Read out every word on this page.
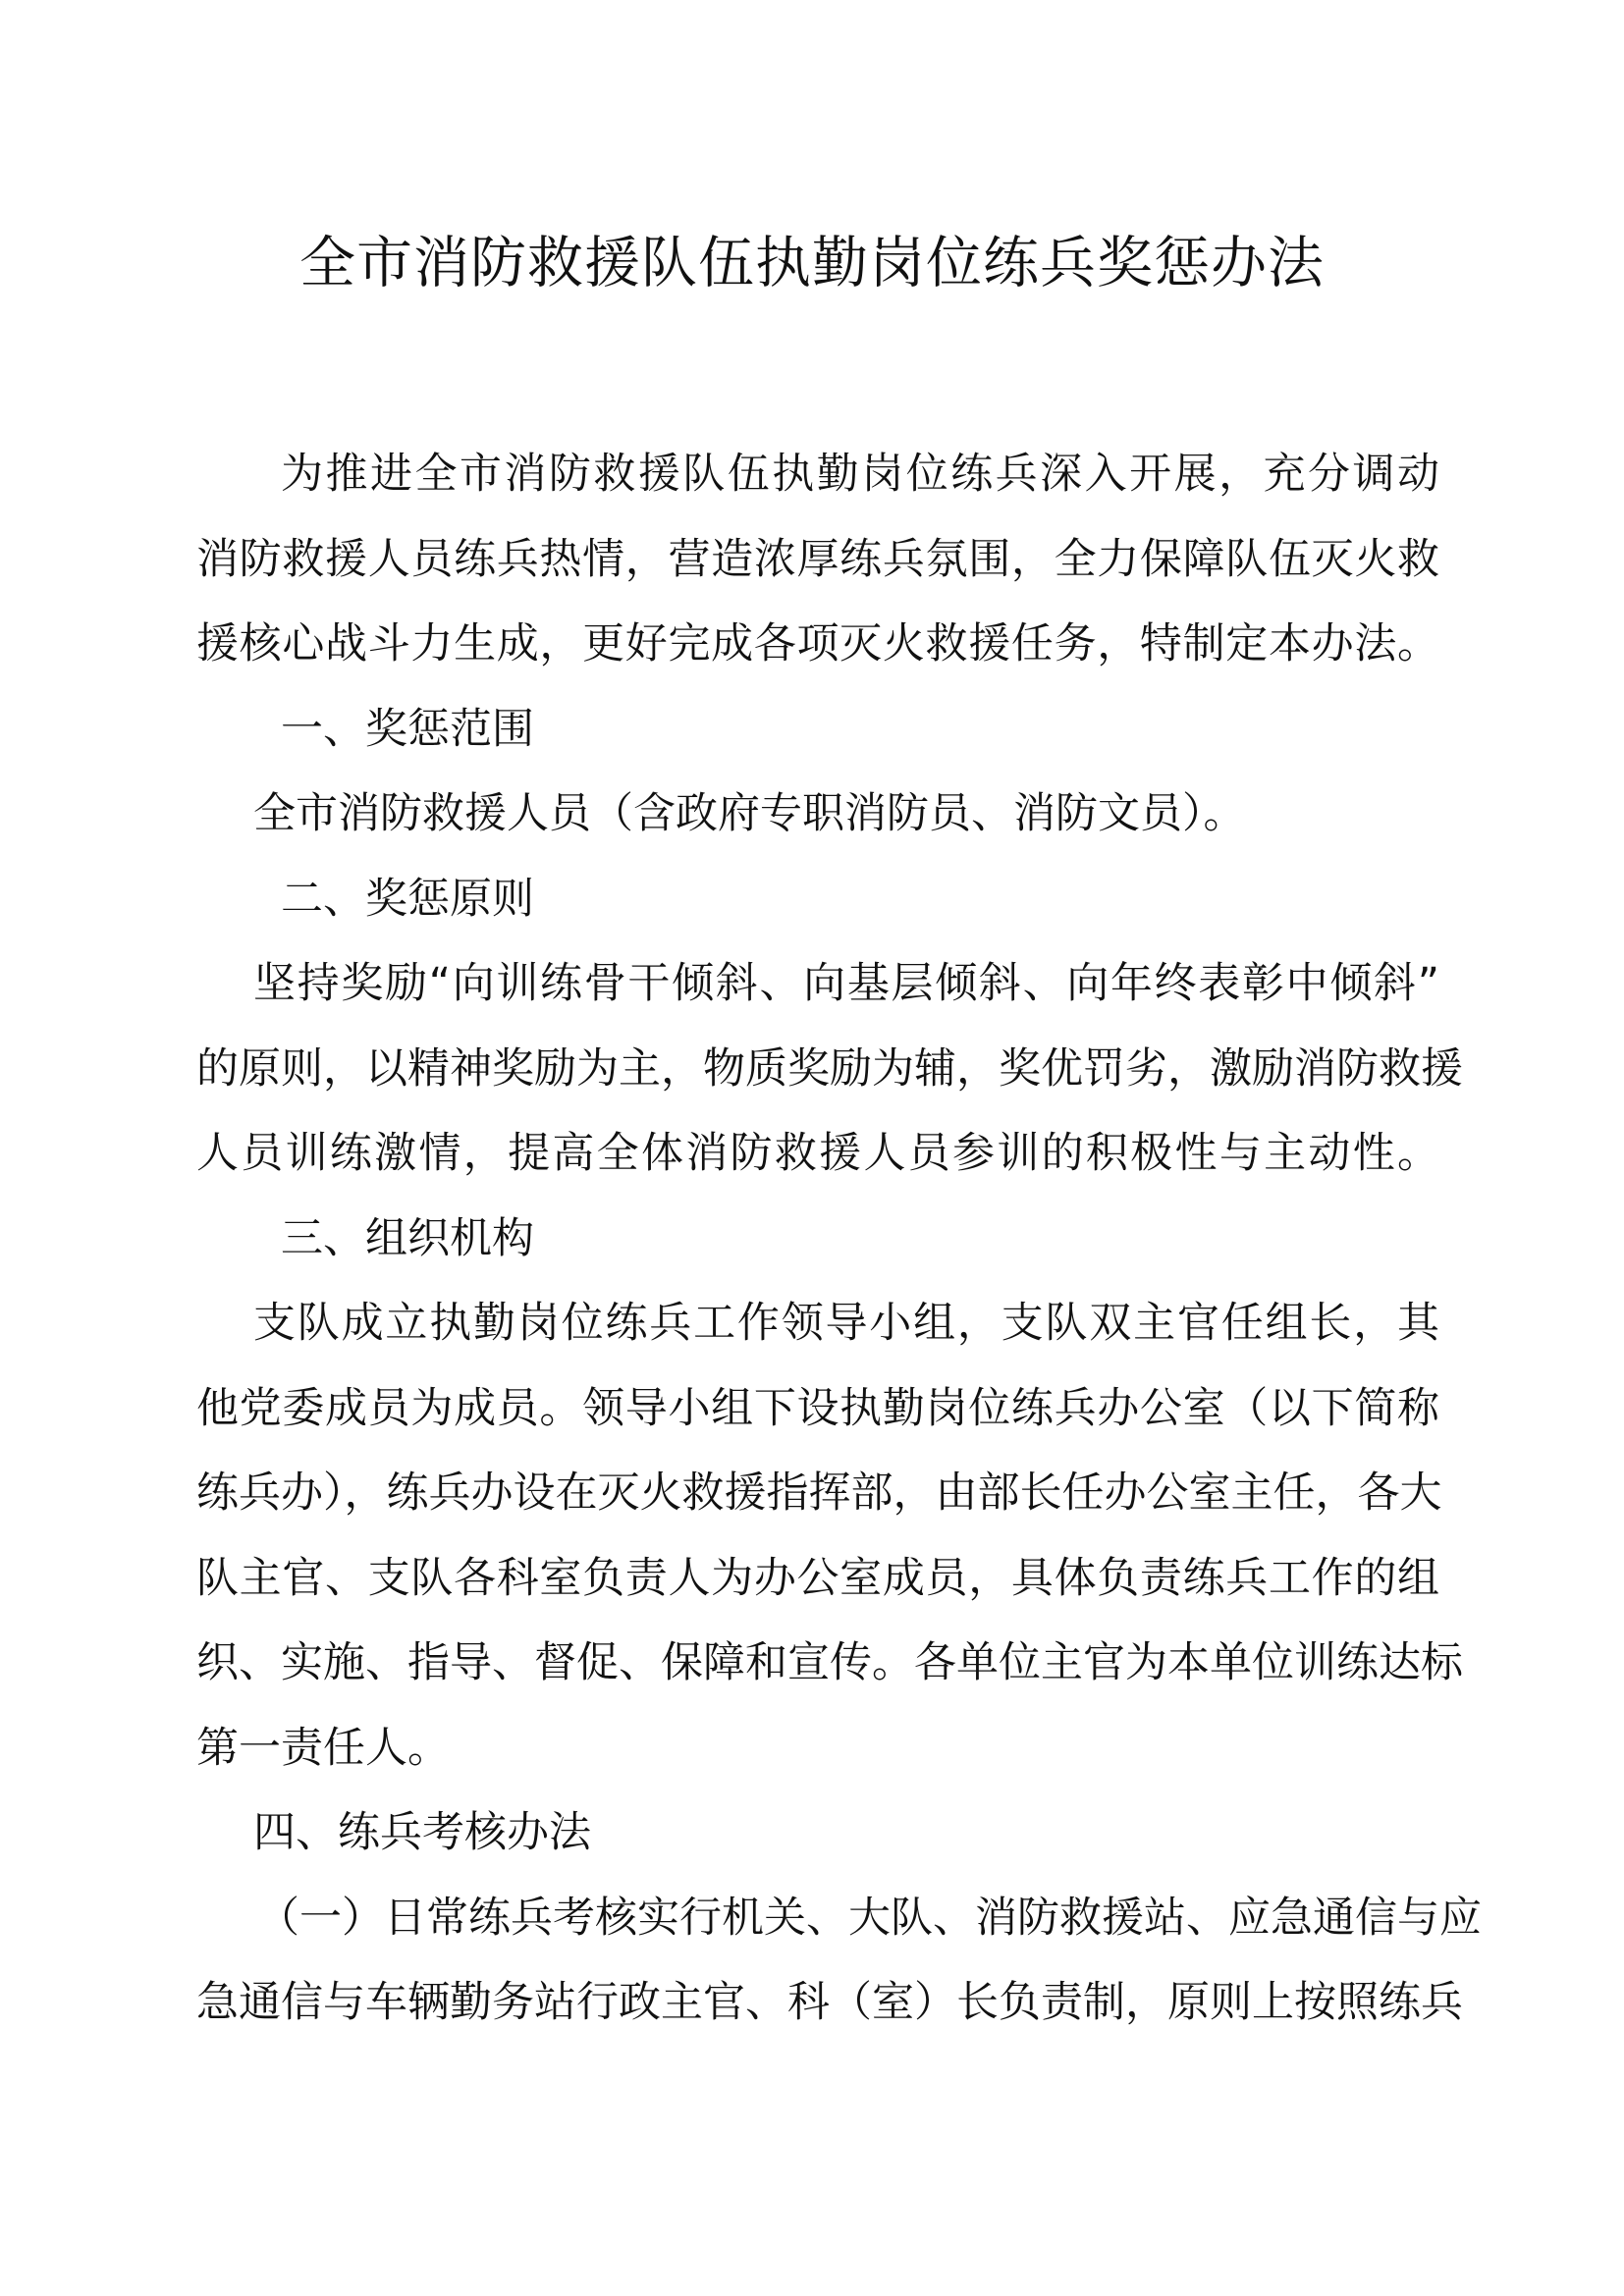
全市消防救援队伍执勤岗位练兵奖惩办法
为推进全市消防救援队伍执勤岗位练兵深入开展，充分调动
消防救援人员练兵热情，营造浓厚练兵氛围，全力保障队伍灭火救
援核心战斗力生成，更好完成各项灭火救援任务，特制定本办法。
一、奖惩范围
全市消防救援人员（含政府专职消防员、消防文员）。
二、奖惩原则
坚持奖励“向训练骨干倾斜、向基层倾斜、向年终表彰中倾斜”
的原则，以精神奖励为主，物质奖励为辅，奖优罚劣，激励消防救援
人员训练激情，提高全体消防救援人员参训的积极性与主动性。
三、组织机构
支队成立执勤岗位练兵工作领导小组，支队双主官任组长，其
他党委成员为成员。领导小组下设执勤岗位练兵办公室（以下简称
练兵办），练兵办设在灭火救援指挥部，由部长任办公室主任，各大
队主官、支队各科室负责人为办公室成员，具体负责练兵工作的组
织、实施、指导、督促、保障和宣传。各单位主官为本单位训练达标
第一责任人。
四、练兵考核办法
（一）日常练兵考核实行机关、大队、消防救援站、应急通信与应
急通信与车辆勤务站行政主官、科（室）长负责制，原则上按照练兵
